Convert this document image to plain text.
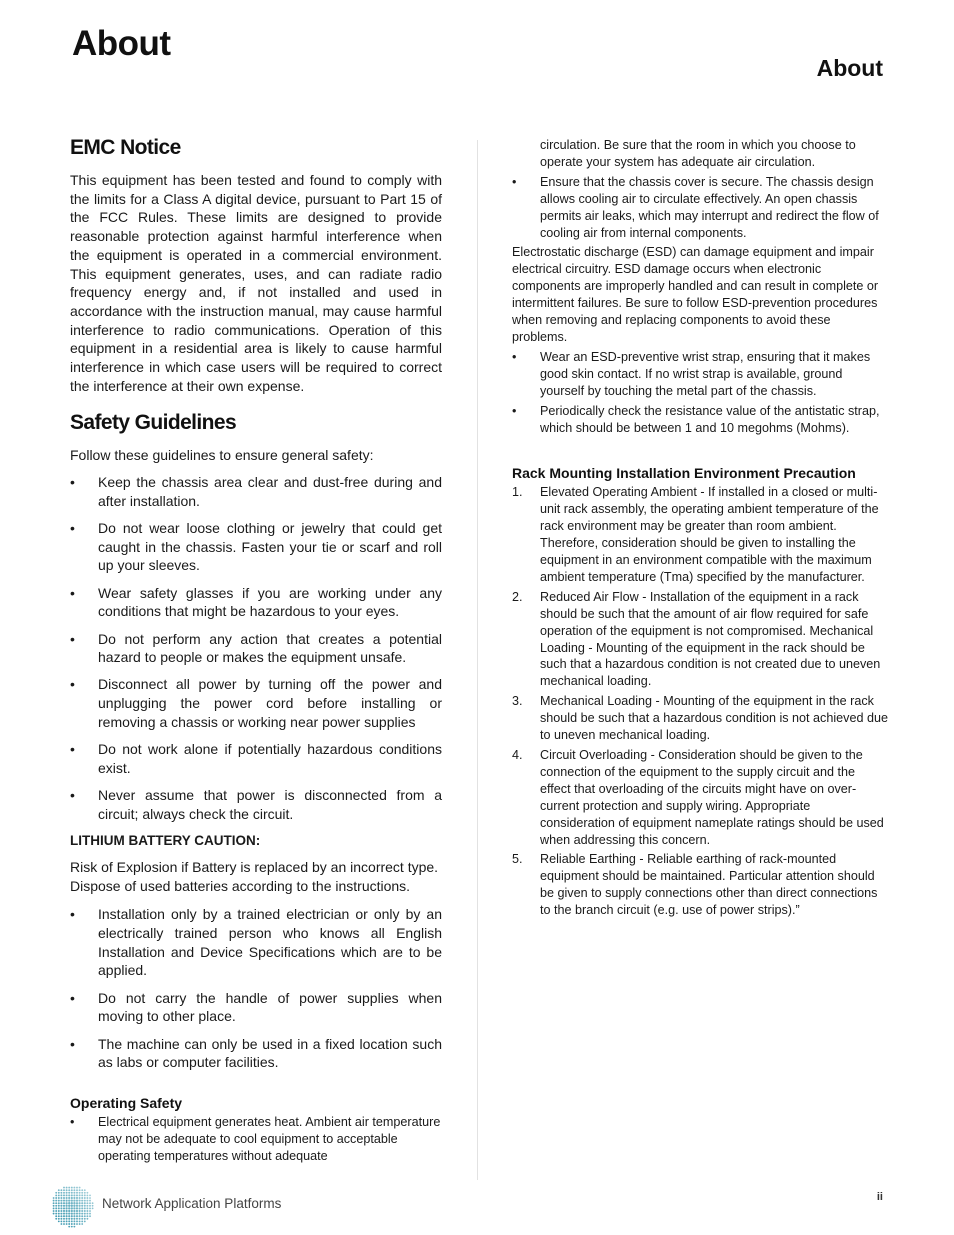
About
About
EMC Notice

This equipment has been tested and found to comply with the limits for a Class A digital device, pursuant to Part 15 of the FCC Rules. These limits are designed to provide reasonable protection against harmful interference when the equipment is operated in a commercial environment. This equipment generates, uses, and can radiate radio frequency energy and, if not installed and used in accordance with the instruction manual, may cause harmful interference to radio communications. Operation of this equipment in a residential area is likely to cause harmful interference in which case users will be required to correct the interference at their own expense.

Safety Guidelines

Follow these guidelines to ensure general safety:

• Keep the chassis area clear and dust-free during and after installation.
• Do not wear loose clothing or jewelry that could get caught in the chassis. Fasten your tie or scarf and roll up your sleeves.
• Wear safety glasses if you are working under any conditions that might be hazardous to your eyes.
• Do not perform any action that creates a potential hazard to people or makes the equipment unsafe.
• Disconnect all power by turning off the power and unplugging the power cord before installing or removing a chassis or working near power supplies
• Do not work alone if potentially hazardous conditions exist.
• Never assume that power is disconnected from a circuit; always check the circuit.
LITHIUM BATTERY CAUTION:

Risk of Explosion if Battery is replaced by an incorrect type. Dispose of used batteries according to the instructions.

• Installation only by a trained electrician or only by an electrically trained person who knows all English Installation and Device Specifications which are to be applied.
• Do not carry the handle of power supplies when moving to other place.
• The machine can only be used in a fixed location such as labs or computer facilities.
Operating Safety
• Electrical equipment generates heat. Ambient air temperature may not be adequate to cool equipment to acceptable operating temperatures without adequate

circulation. Be sure that the room in which you choose to operate your system has adequate air circulation.

• Ensure that the chassis cover is secure. The chassis design allows cooling air to circulate effectively. An open chassis permits air leaks, which may interrupt and redirect the flow of cooling air from internal components.

Electrostatic discharge (ESD) can damage equipment and impair electrical circuitry. ESD damage occurs when electronic components are improperly handled and can result in complete or intermittent failures. Be sure to follow ESD-prevention procedures when removing and replacing components to avoid these problems.

• Wear an ESD-preventive wrist strap, ensuring that it makes good skin contact. If no wrist strap is available, ground yourself by touching the metal part of the chassis.
• Periodically check the resistance value of the antistatic strap, which should be between 1 and 10 megohms (Mohms).
Rack Mounting Installation Environment Precaution
1. Elevated Operating Ambient - If installed in a closed or multi-unit rack assembly, the operating ambient temperature of the rack environment may be greater than room ambient. Therefore, consideration should be given to installing the equipment in an environment compatible with the maximum ambient temperature (Tma) specified by the manufacturer.
2. Reduced Air Flow - Installation of the equipment in a rack should be such that the amount of air flow required for safe operation of the equipment is not compromised. Mechanical Loading - Mounting of the equipment in the rack should be such that a hazardous condition is not created due to uneven mechanical loading.
3. Mechanical Loading - Mounting of the equipment in the rack should be such that a hazardous condition is not achieved due to uneven mechanical loading.
4. Circuit Overloading - Consideration should be given to the connection of the equipment to the supply circuit and the effect that overloading of the circuits might have on over-current protection and supply wiring. Appropriate consideration of equipment nameplate ratings should be used when addressing this concern.
5. Reliable Earthing - Reliable earthing of rack-mounted equipment should be maintained. Particular attention should be given to supply connections other than direct connections to the branch circuit (e.g. use of power strips).”
Network Application Platforms	ii
